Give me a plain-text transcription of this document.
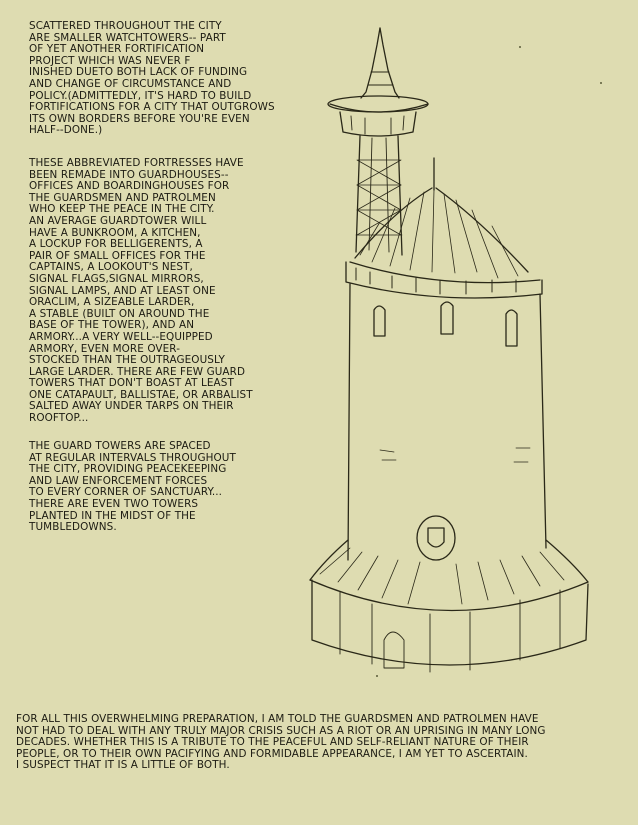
SCATTERED THROUGHOUT THE CITY
ARE SMALLER WATCHTOWERS-- PART
OF YET ANOTHER FORTIFICATION
PROJECT WHICH WAS NEVER F
INISHED DUETO BOTH LACK OF FUNDING
AND CHANGE OF CIRCUMSTANCE AND
POLICY.(ADMITTEDLY, IT'S HARD TO BUILD
FORTIFICATIONS FOR A CITY THAT OUTGROWS
ITS OWN BORDERS BEFORE YOU'RE EVEN
HALF--DONE.)

THESE ABBREVIATED FORTRESSES HAVE
BEEN REMADE INTO GUARDHOUSES--
OFFICES AND BOARDINGHOUSES FOR
THE GUARDSMEN AND PATROLMEN
WHO KEEP THE PEACE IN THE CITY.
AN AVERAGE GUARDTOWER WILL
HAVE A BUNKROOM, A KITCHEN,
A LOCKUP FOR BELLIGERENTS, A
PAIR OF SMALL OFFICES FOR THE
CAPTAINS, A LOOKOUT'S NEST,
SIGNAL FLAGS,SIGNAL MIRRORS,
SIGNAL LAMPS, AND AT LEAST ONE
ORACLIM, A SIZEABLE LARDER,
A STABLE (BUILT ON AROUND THE
BASE OF THE TOWER), AND AN
ARMORY...A VERY WELL--EQUIPPED
ARMORY, EVEN MORE OVER-
STOCKED THAN THE OUTRAGEOUSLY
LARGE LARDER. THERE ARE FEW GUARD
TOWERS THAT DON'T BOAST AT LEAST
ONE CATAPAULT, BALLISTAE, OR ARBALIST
SALTED AWAY UNDER TARPS ON THEIR
ROOFTOP...

THE GUARD TOWERS ARE SPACED
AT REGULAR INTERVALS THROUGHOUT
THE CITY, PROVIDING PEACEKEEPING
AND LAW ENFORCEMENT FORCES
TO EVERY CORNER OF SANCTUARY...
THERE ARE EVEN TWO TOWERS
PLANTED IN THE MIDST OF THE
TUMBLEDOWNS.

FOR ALL THIS OVERWHELMING PREPARATION, I AM TOLD THE GUARDSMEN AND PATROLMEN HAVE
NOT HAD TO DEAL WITH ANY TRULY MAJOR CRISIS SUCH AS A RIOT OR AN UPRISING IN MANY LONG
DECADES. WHETHER THIS IS A TRIBUTE TO THE PEACEFUL AND SELF-RELIANT NATURE OF THEIR
PEOPLE, OR TO THEIR OWN PACIFYING AND FORMIDABLE APPEARANCE, I AM YET TO ASCERTAIN.
I SUSPECT THAT IT IS A LITTLE OF BOTH.
